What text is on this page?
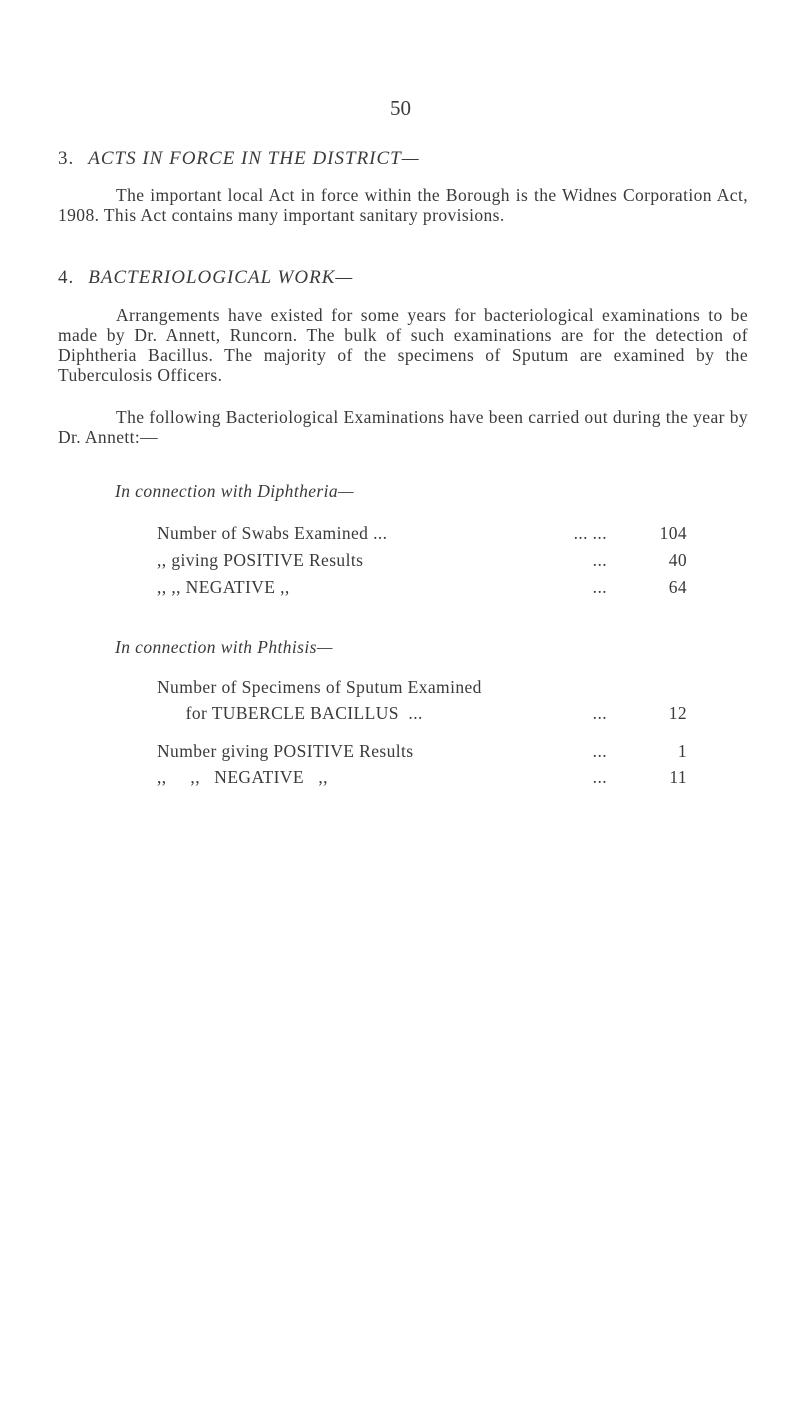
50
3. ACTS IN FORCE IN THE DISTRICT—
The important local Act in force within the Borough is the Widnes Corporation Act, 1908. This Act contains many important sanitary provisions.
4. BACTERIOLOGICAL WORK—
Arrangements have existed for some years for bacteriological examinations to be made by Dr. Annett, Runcorn. The bulk of such examinations are for the detection of Diphtheria Bacillus. The majority of the specimens of Sputum are examined by the Tuberculosis Officers.
The following Bacteriological Examinations have been carried out during the year by Dr. Annett:—
In connection with Diphtheria—
Number of Swabs Examined ...	... ...	104
,, giving POSITIVE Results	...	40
,, ,, NEGATIVE ,,	...	64
In connection with Phthisis—
Number of Specimens of Sputum Examined
for TUBERCLE BACILLUS  ...	...	12
Number giving POSITIVE Results	...	1
,,     ,,   NEGATIVE   ,,	...	11
